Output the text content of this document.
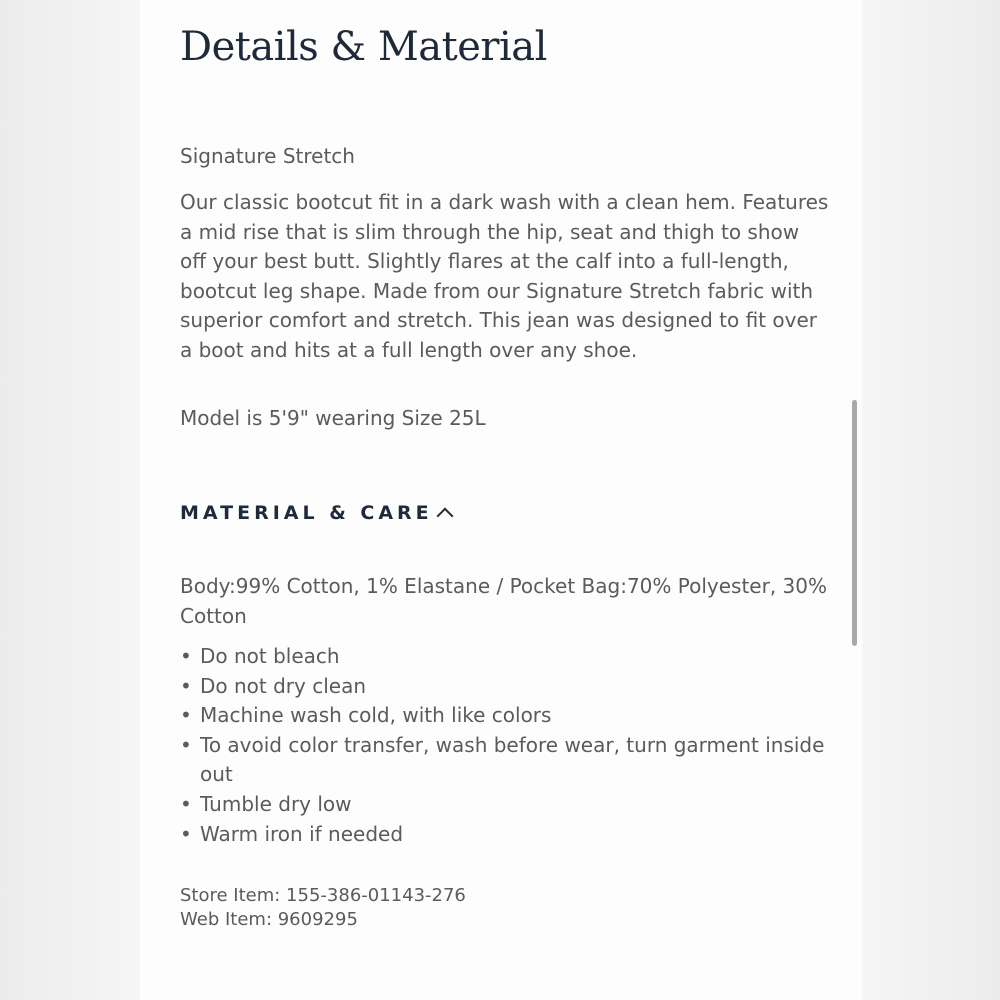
Details & Material
Signature Stretch

Our classic bootcut fit in a dark wash with a clean hem. Features a mid rise that is slim through the hip, seat and thigh to show off your best butt. Slightly flares at the calf into a full-length, bootcut leg shape. Made from our Signature Stretch fabric with superior comfort and stretch. This jean was designed to fit over a boot and hits at a full length over any shoe.

Model is 5'9" wearing Size 25L
MATERIAL & CARE

Body:99% Cotton, 1% Elastane / Pocket Bag:70% Polyester, 30% Cotton

• Do not bleach
• Do not dry clean
• Machine wash cold, with like colors
• To avoid color transfer, wash before wear, turn garment inside out
• Tumble dry low
• Warm iron if needed
Store Item: 155-386-01143-276
Web Item: 9609295
